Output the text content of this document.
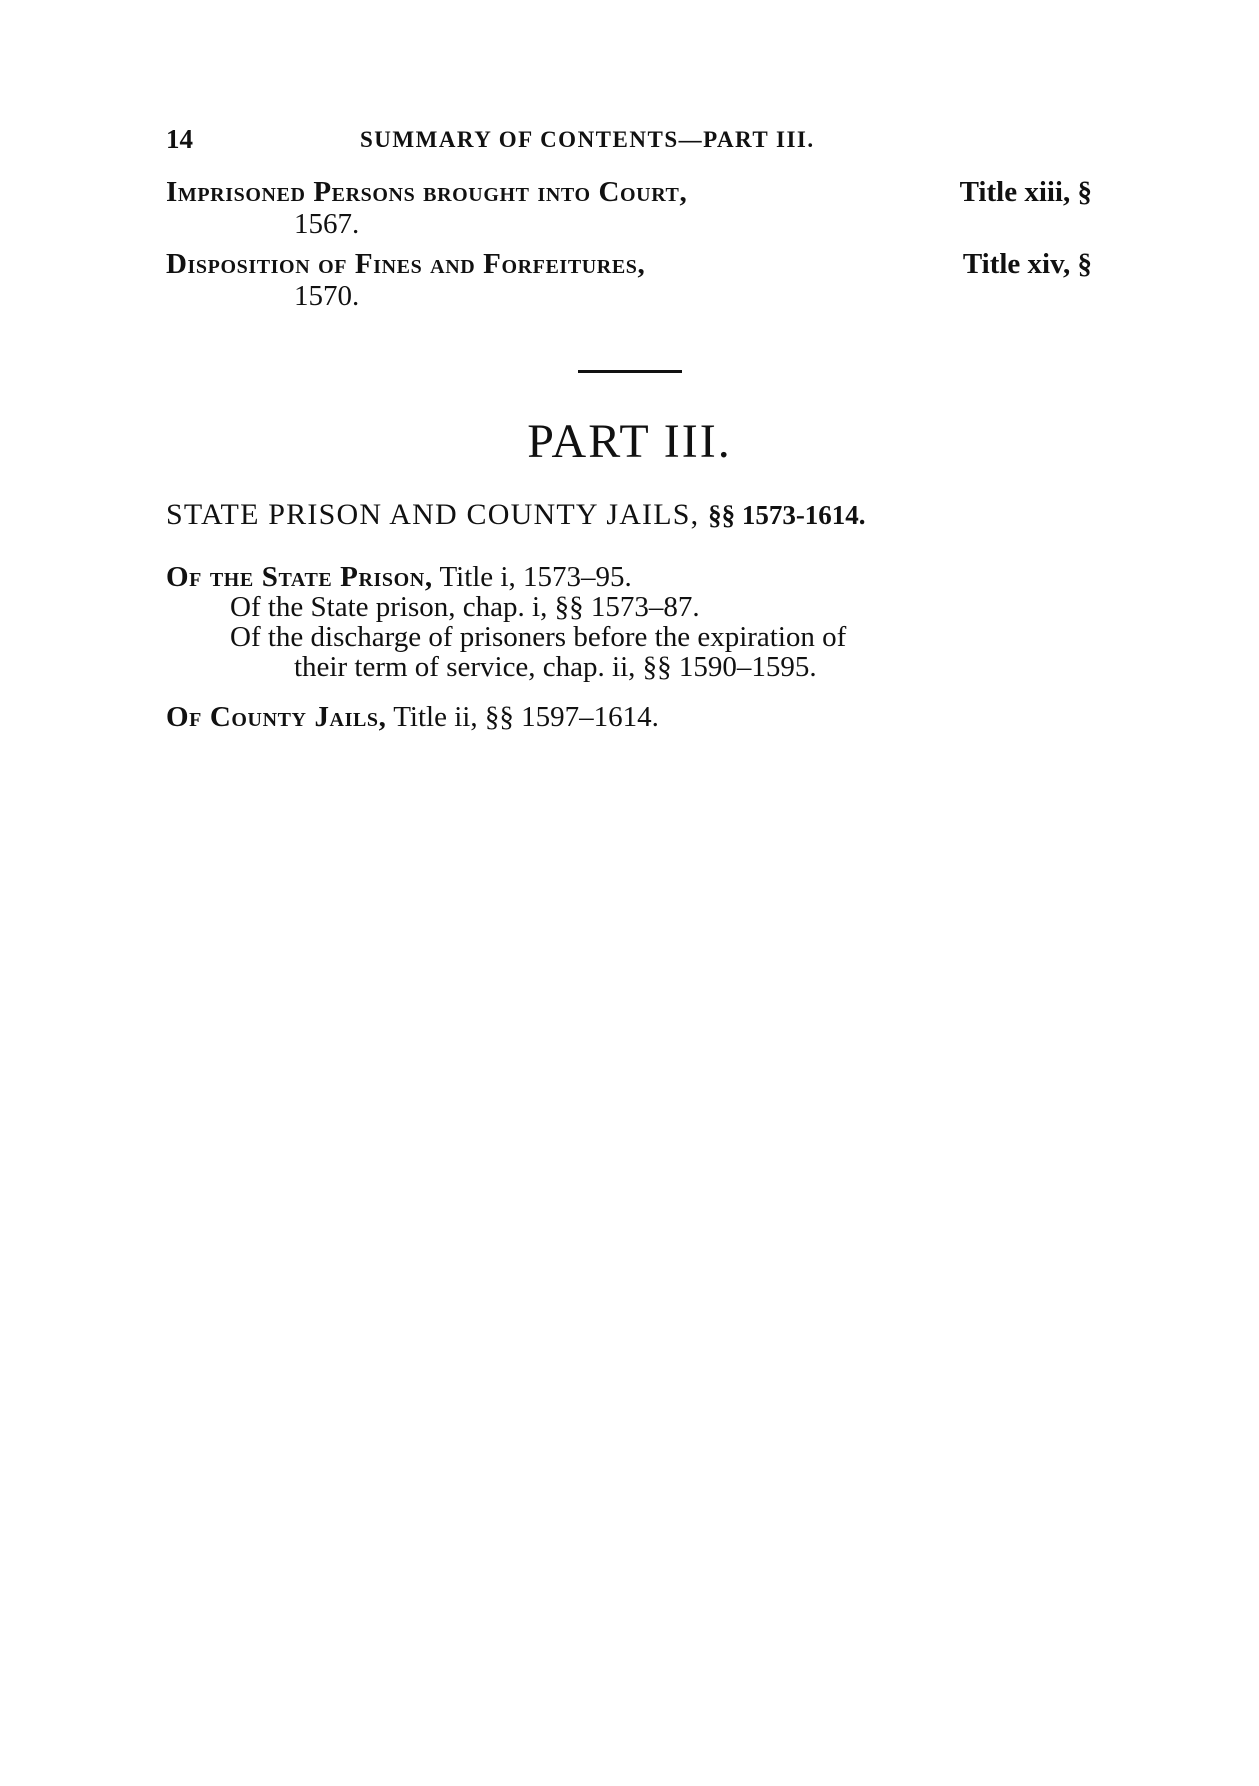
14	SUMMARY OF CONTENTS—PART III.
Imprisoned Persons brought into Court,	Title xiii, §
1567.
Disposition of Fines and Forfeitures,	Title xiv, §
1570.
PART III.
STATE PRISON AND COUNTY JAILS, §§ 1573-1614.
Of the State Prison, Title i, 1573–95.
Of the State prison, chap. i, §§ 1573–87.
Of the discharge of prisoners before the expiration of
their term of service, chap. ii, §§ 1590–1595.
Of County Jails, Title ii, §§ 1597–1614.
